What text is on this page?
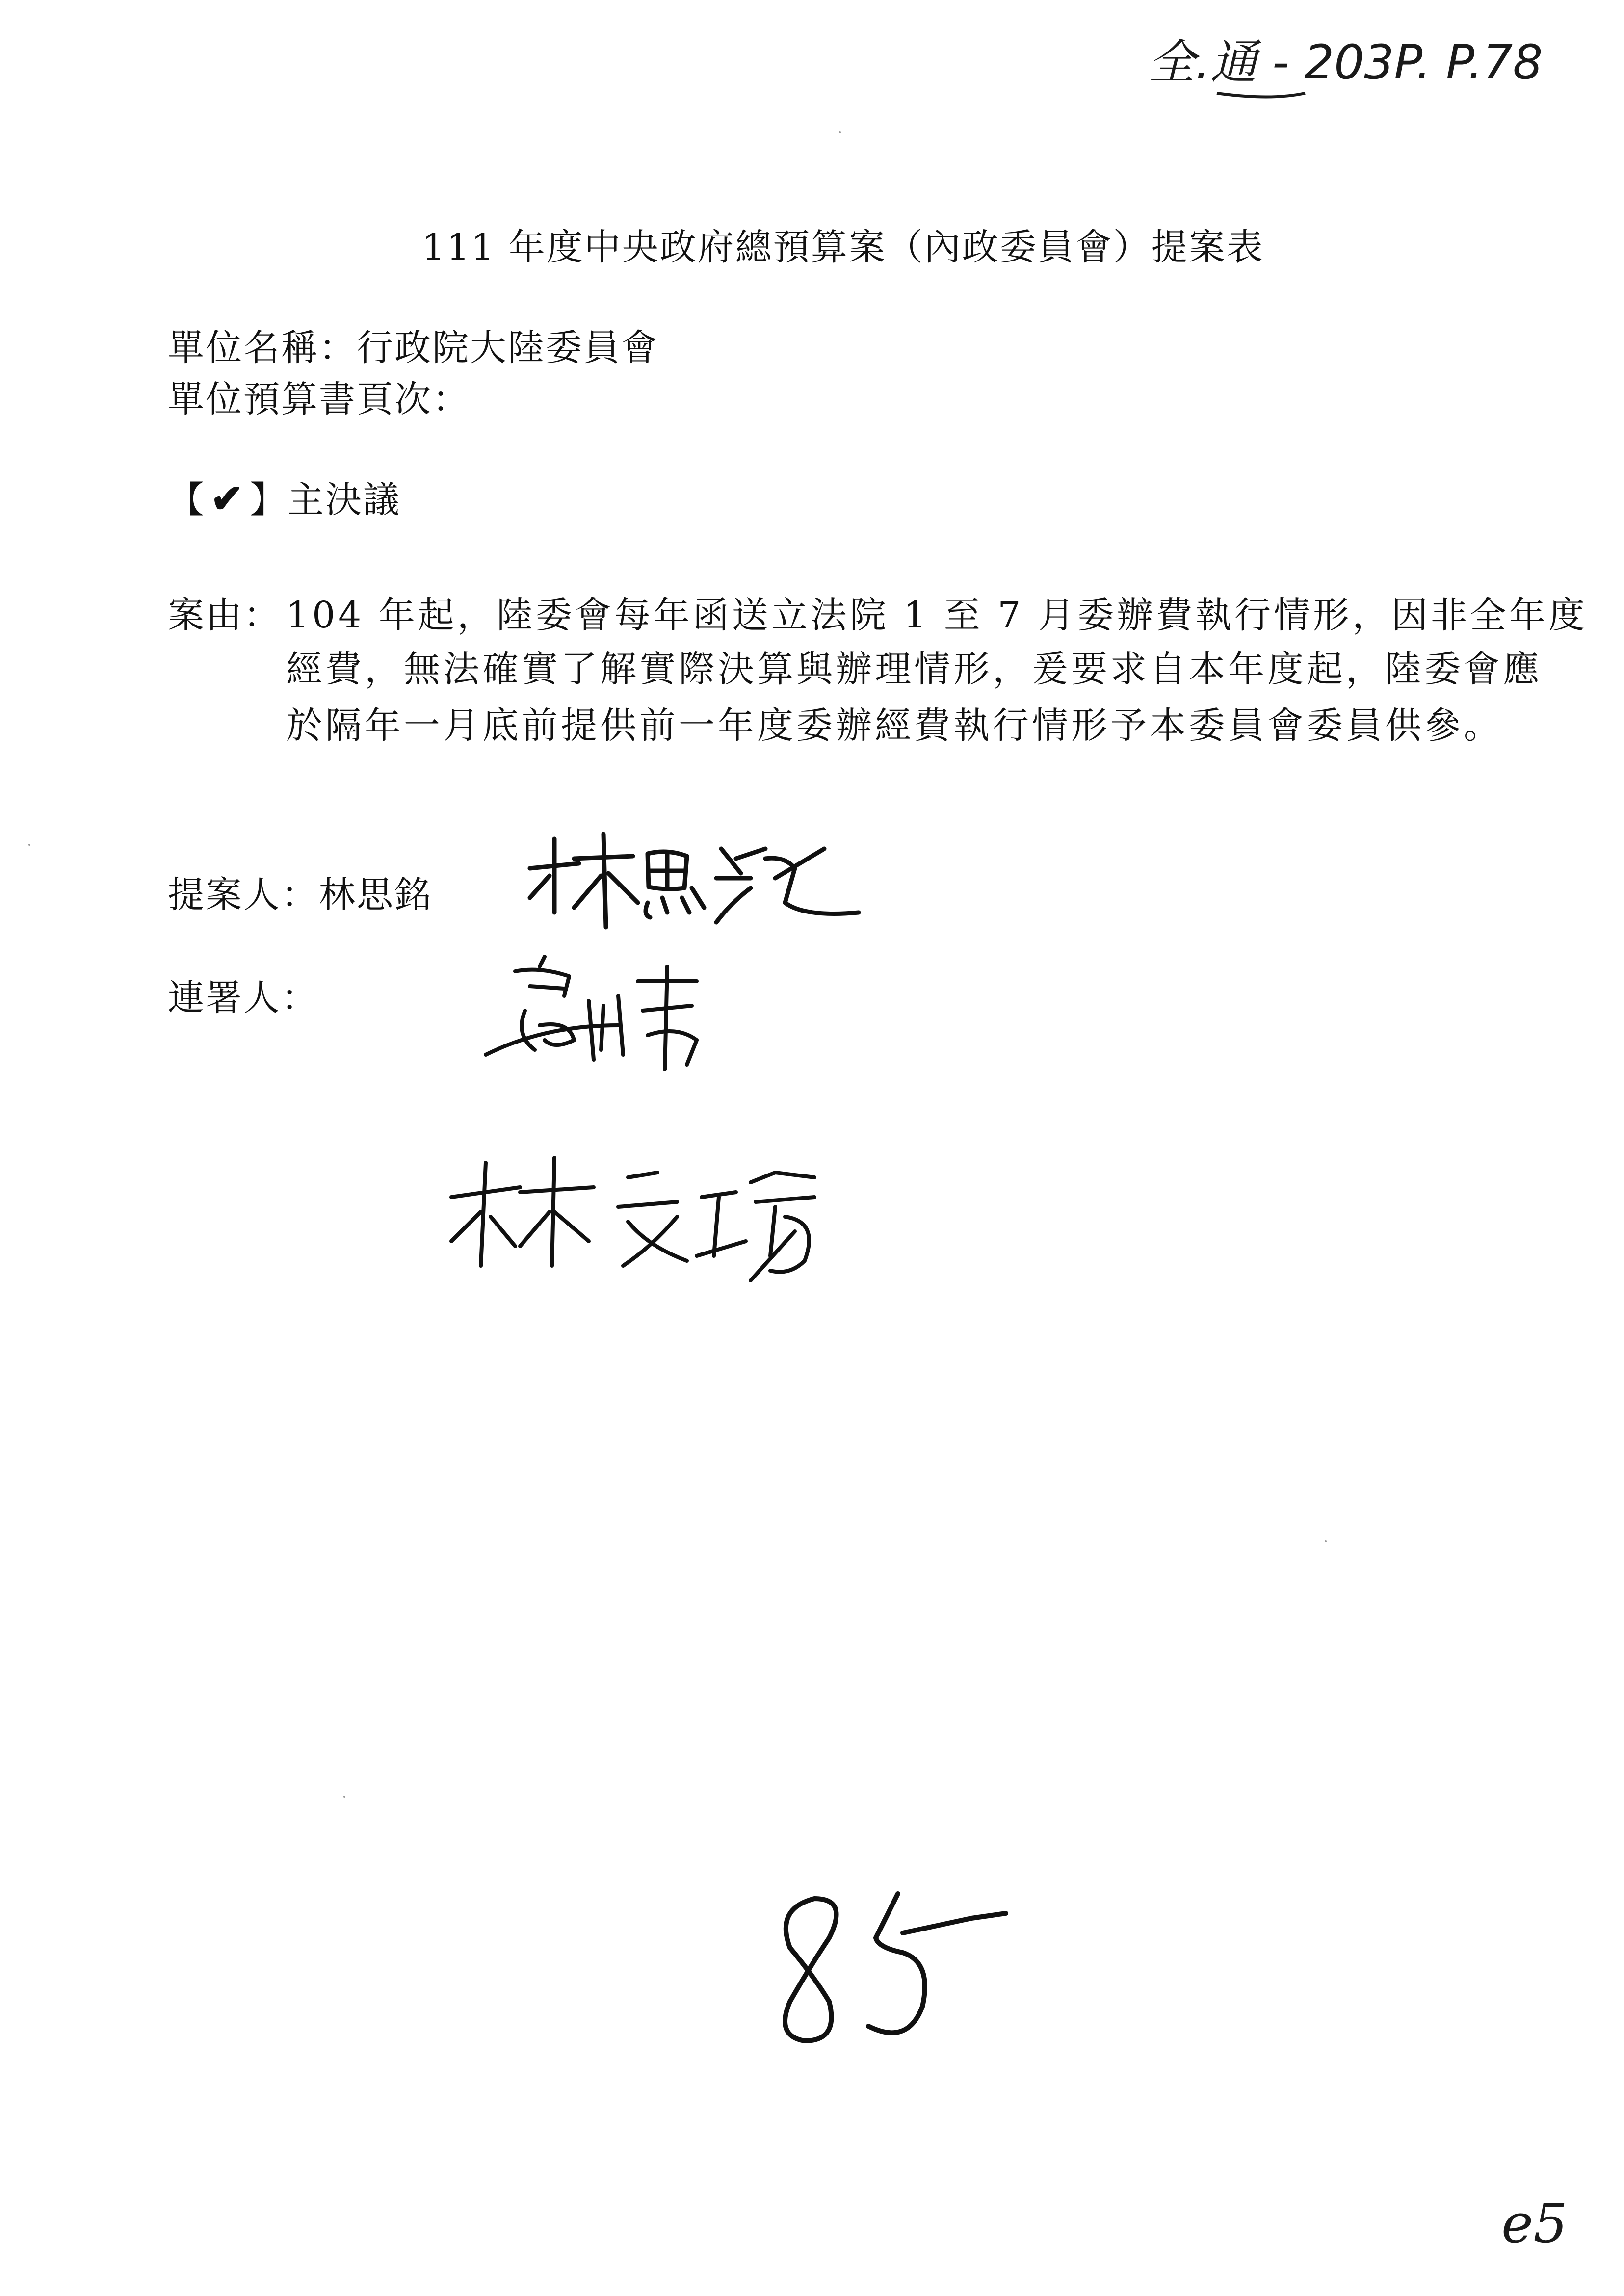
全.通 - 203P. P.78
111 年度中央政府總預算案（內政委員會）提案表
單位名稱：行政院大陸委員會
單位預算書頁次：
【 ✔ 】主決議
案由： 104 年起，陸委會每年函送立法院 1 至 7 月委辦費執行情形，因非全年度
經費，無法確實了解實際決算與辦理情形，爰要求自本年度起，陸委會應
於隔年一月底前提供前一年度委辦經費執行情形予本委員會委員供參。
提案人：林思銘
連署人：
85
e5
